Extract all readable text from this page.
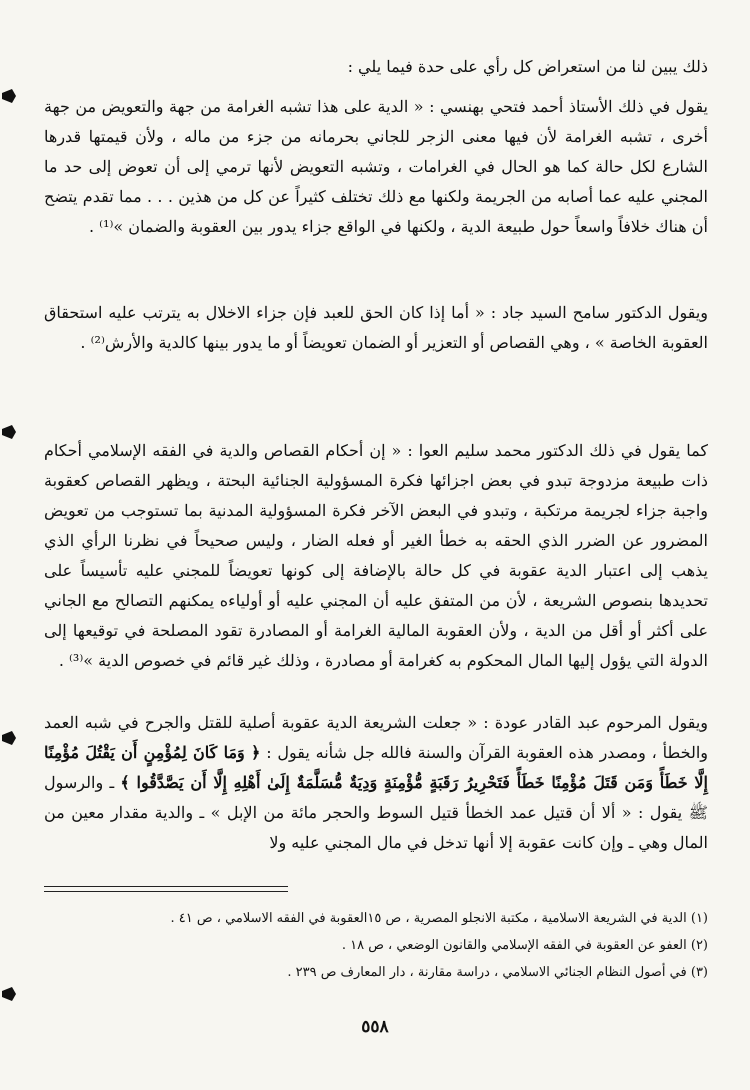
ذلك يبين لنا من استعراض كل رأي على حدة فيما يلي :

يقول في ذلك الأستاذ أحمد فتحي بهنسي : « الدية على هذا تشبه الغرامة من جهة والتعويض من جهة أخرى ، تشبه الغرامة لأن فيها معنى الزجر للجاني بحرمانه من جزء من ماله ، ولأن قيمتها قدرها الشارع لكل حالة كما هو الحال في الغرامات ، وتشبه التعويض لأنها ترمي إلى أن تعوض إلى حد ما المجني عليه عما أصابه من الجريمة ولكنها مع ذلك تختلف كثيراً عن كل من هذين . . . مما تقدم يتضح أن هناك خلافاً واسعاً حول طبيعة الدية ، ولكنها في الواقع جزاء يدور بين العقوبة والضمان »⁽¹⁾ .

ويقول الدكتور سامح السيد جاد : « أما إذا كان الحق للعبد فإن جزاء الاخلال به يترتب عليه استحقاق العقوبة الخاصة » ، وهي القصاص أو التعزير أو الضمان تعويضاً أو ما يدور بينها كالدية والأرش⁽²⁾ .

كما يقول في ذلك الدكتور محمد سليم العوا : « إن أحكام القصاص والدية في الفقه الإسلامي أحكام ذات طبيعة مزدوجة تبدو في بعض اجزائها فكرة المسؤولية الجنائية البحتة ، ويظهر القصاص كعقوبة واجبة جزاء لجريمة مرتكبة ، وتبدو في البعض الآخر فكرة المسؤولية المدنية بما تستوجب من تعويض المضرور عن الضرر الذي الحقه به خطأ الغير أو فعله الضار ، وليس صحيحاً في نظرنا الرأي الذي يذهب إلى اعتبار الدية عقوبة في كل حالة بالإضافة إلى كونها تعويضاً للمجني عليه تأسيساً على تحديدها بنصوص الشريعة ، لأن من المتفق عليه أن المجني عليه أو أولياءه يمكنهم التصالح مع الجاني على أكثر أو أقل من الدية ، ولأن العقوبة المالية الغرامة أو المصادرة تقود المصلحة في توقيعها إلى الدولة التي يؤول إليها المال المحكوم به كغرامة أو مصادرة ، وذلك غير قائم في خصوص الدية »⁽³⁾ .

ويقول المرحوم عبد القادر عودة : « جعلت الشريعة الدية عقوبة أصلية للقتل والجرح في شبه العمد والخطأ ، ومصدر هذه العقوبة القرآن والسنة فالله جل شأنه يقول : ﴿ وَمَا كَانَ لِمُؤْمِنٍ أَن يَقْتُلَ مُؤْمِنًا إِلَّا خَطَأً وَمَن قَتَلَ مُؤْمِنًا خَطَأً فَتَحْرِيرُ رَقَبَةٍ مُّؤْمِنَةٍ وَدِيَةٌ مُّسَلَّمَةٌ إِلَىٰ أَهْلِهِ إِلَّا أَن يَصَّدَّقُوا ﴾ ـ والرسول ﷺ يقول : « ألا أن قتيل عمد الخطأ قتيل السوط والحجر مائة من الإبل » ـ والدية مقدار معين من المال وهي ـ وإن كانت عقوبة إلا أنها تدخل في مال المجني عليه ولا

(١) الدية في الشريعة الاسلامية ، مكتبة الانجلو المصرية ، ص ١٥العقوبة في الفقه الاسلامي ، ص ٤١ .

(٢) العفو عن العقوبة في الفقه الإسلامي والقانون الوضعي ، ص ١٨ .

(٣) في أصول النظام الجنائي الاسلامي ، دراسة مقارنة ، دار المعارف ص ٢٣٩ .

٥٥٨
